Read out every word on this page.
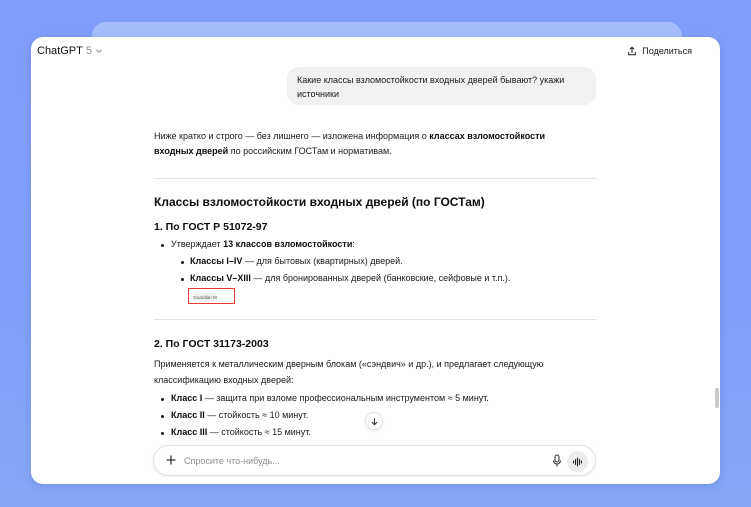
ChatGPT 5	Поделиться
Какие классы взломостойкости входных дверей бывают? укажи источники

Ниже кратко и строго — без лишнего — изложена информация о классах взломостойкости
входных дверей по российским ГОСТам и нормативам.

Классы взломостойкости входных дверей (по ГОСТам)
1. По ГОСТ Р 51072-97
Утверждает 13 классов взломостойкости:
Классы I–IV — для бытовых (квартирных) дверей.
Классы V–XIII — для бронированных дверей (банковские, сейфовые и т.п.).
Guardian M
2. По ГОСТ 31173-2003
Применяется к металлическим дверным блокам («сэндвич» и др.), и предлагает следующую
классификацию входных дверей:
Класс I — защита при взломе профессиональным инструментом ≈ 5 минут.
Класс II — стойкость ≈ 10 минут.
Класс III — стойкость ≈ 15 минут.
Спросите что-нибудь...
